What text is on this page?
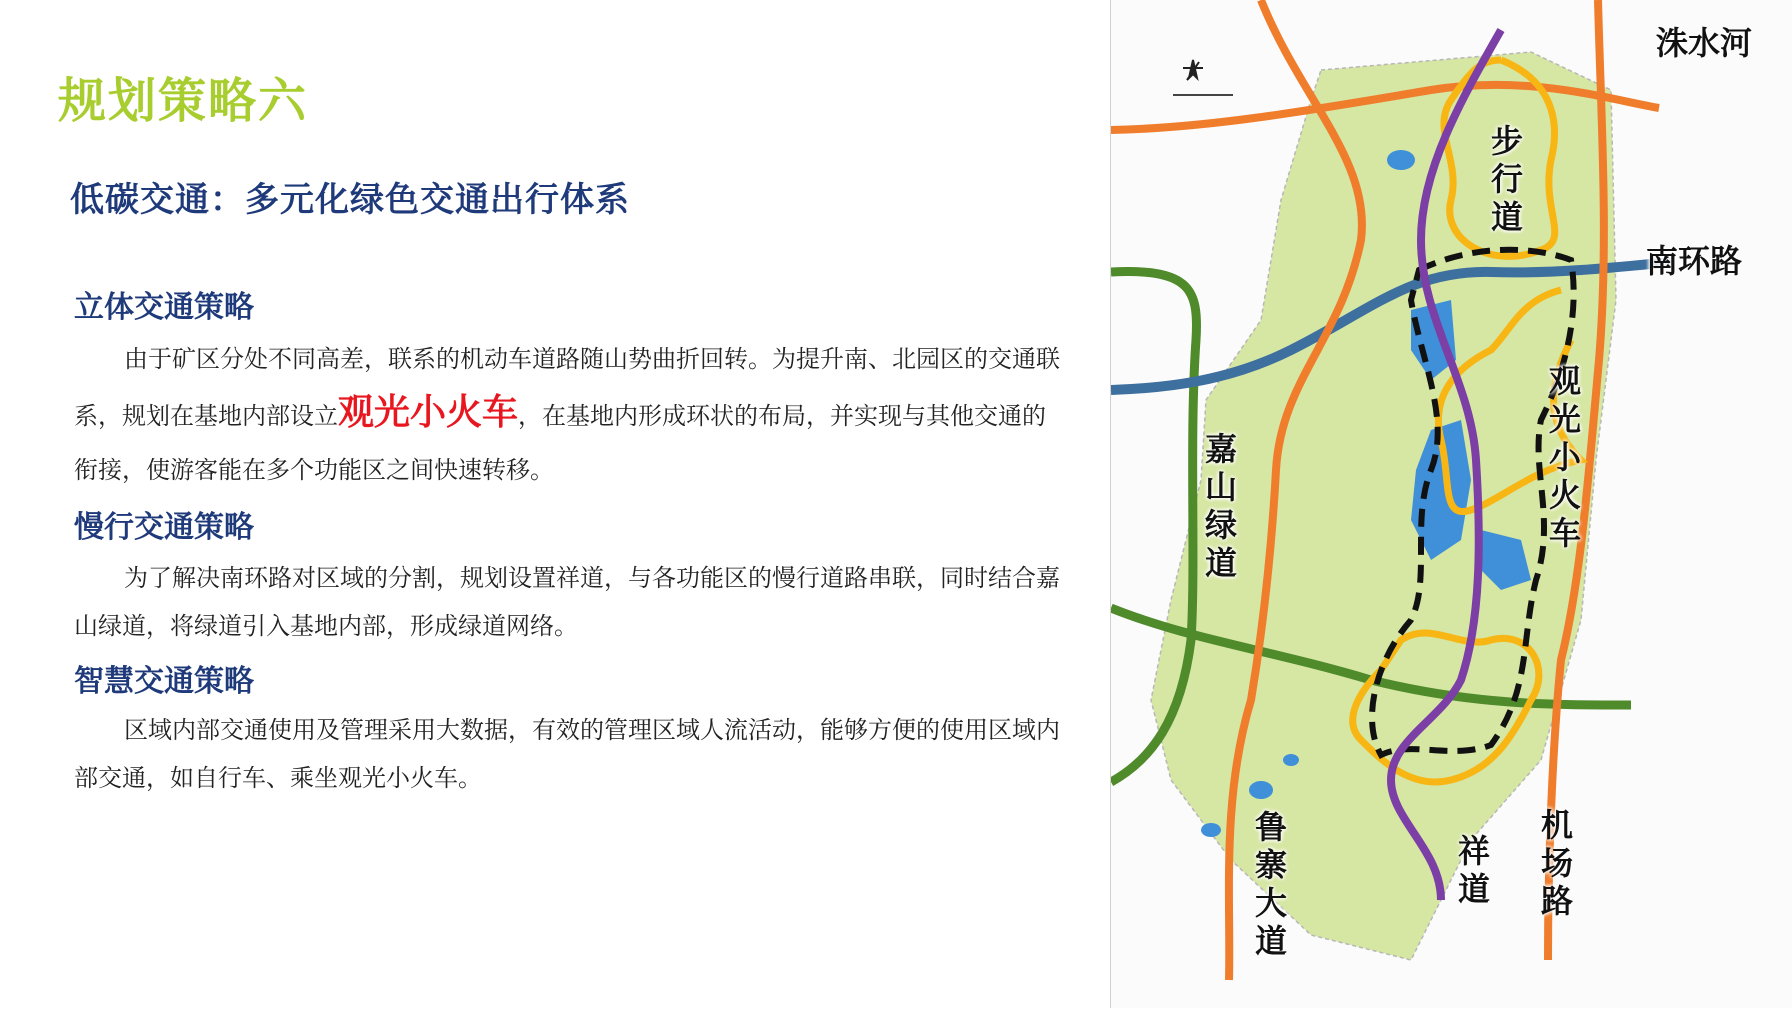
规划策略六
低碳交通：多元化绿色交通出行体系
立体交通策略

由于矿区分处不同高差，联系的机动车道路随山势曲折回转。为提升南、北园区的交通联系，规划在基地内部设立观光小火车，在基地内形成环状的布局，并实现与其他交通的衔接，使游客能在多个功能区之间快速转移。

慢行交通策略

为了解决南环路对区域的分割，规划设置祥道，与各功能区的慢行道路串联，同时结合嘉山绿道，将绿道引入基地内部，形成绿道网络。

智慧交通策略

区域内部交通使用及管理采用大数据，有效的管理区域人流活动，能够方便的使用区域内部交通，如自行车、乘坐观光小火车。

洙水河
南环路
步行道
观光小火车
嘉山绿道
鲁寨大道
祥道
机场路
